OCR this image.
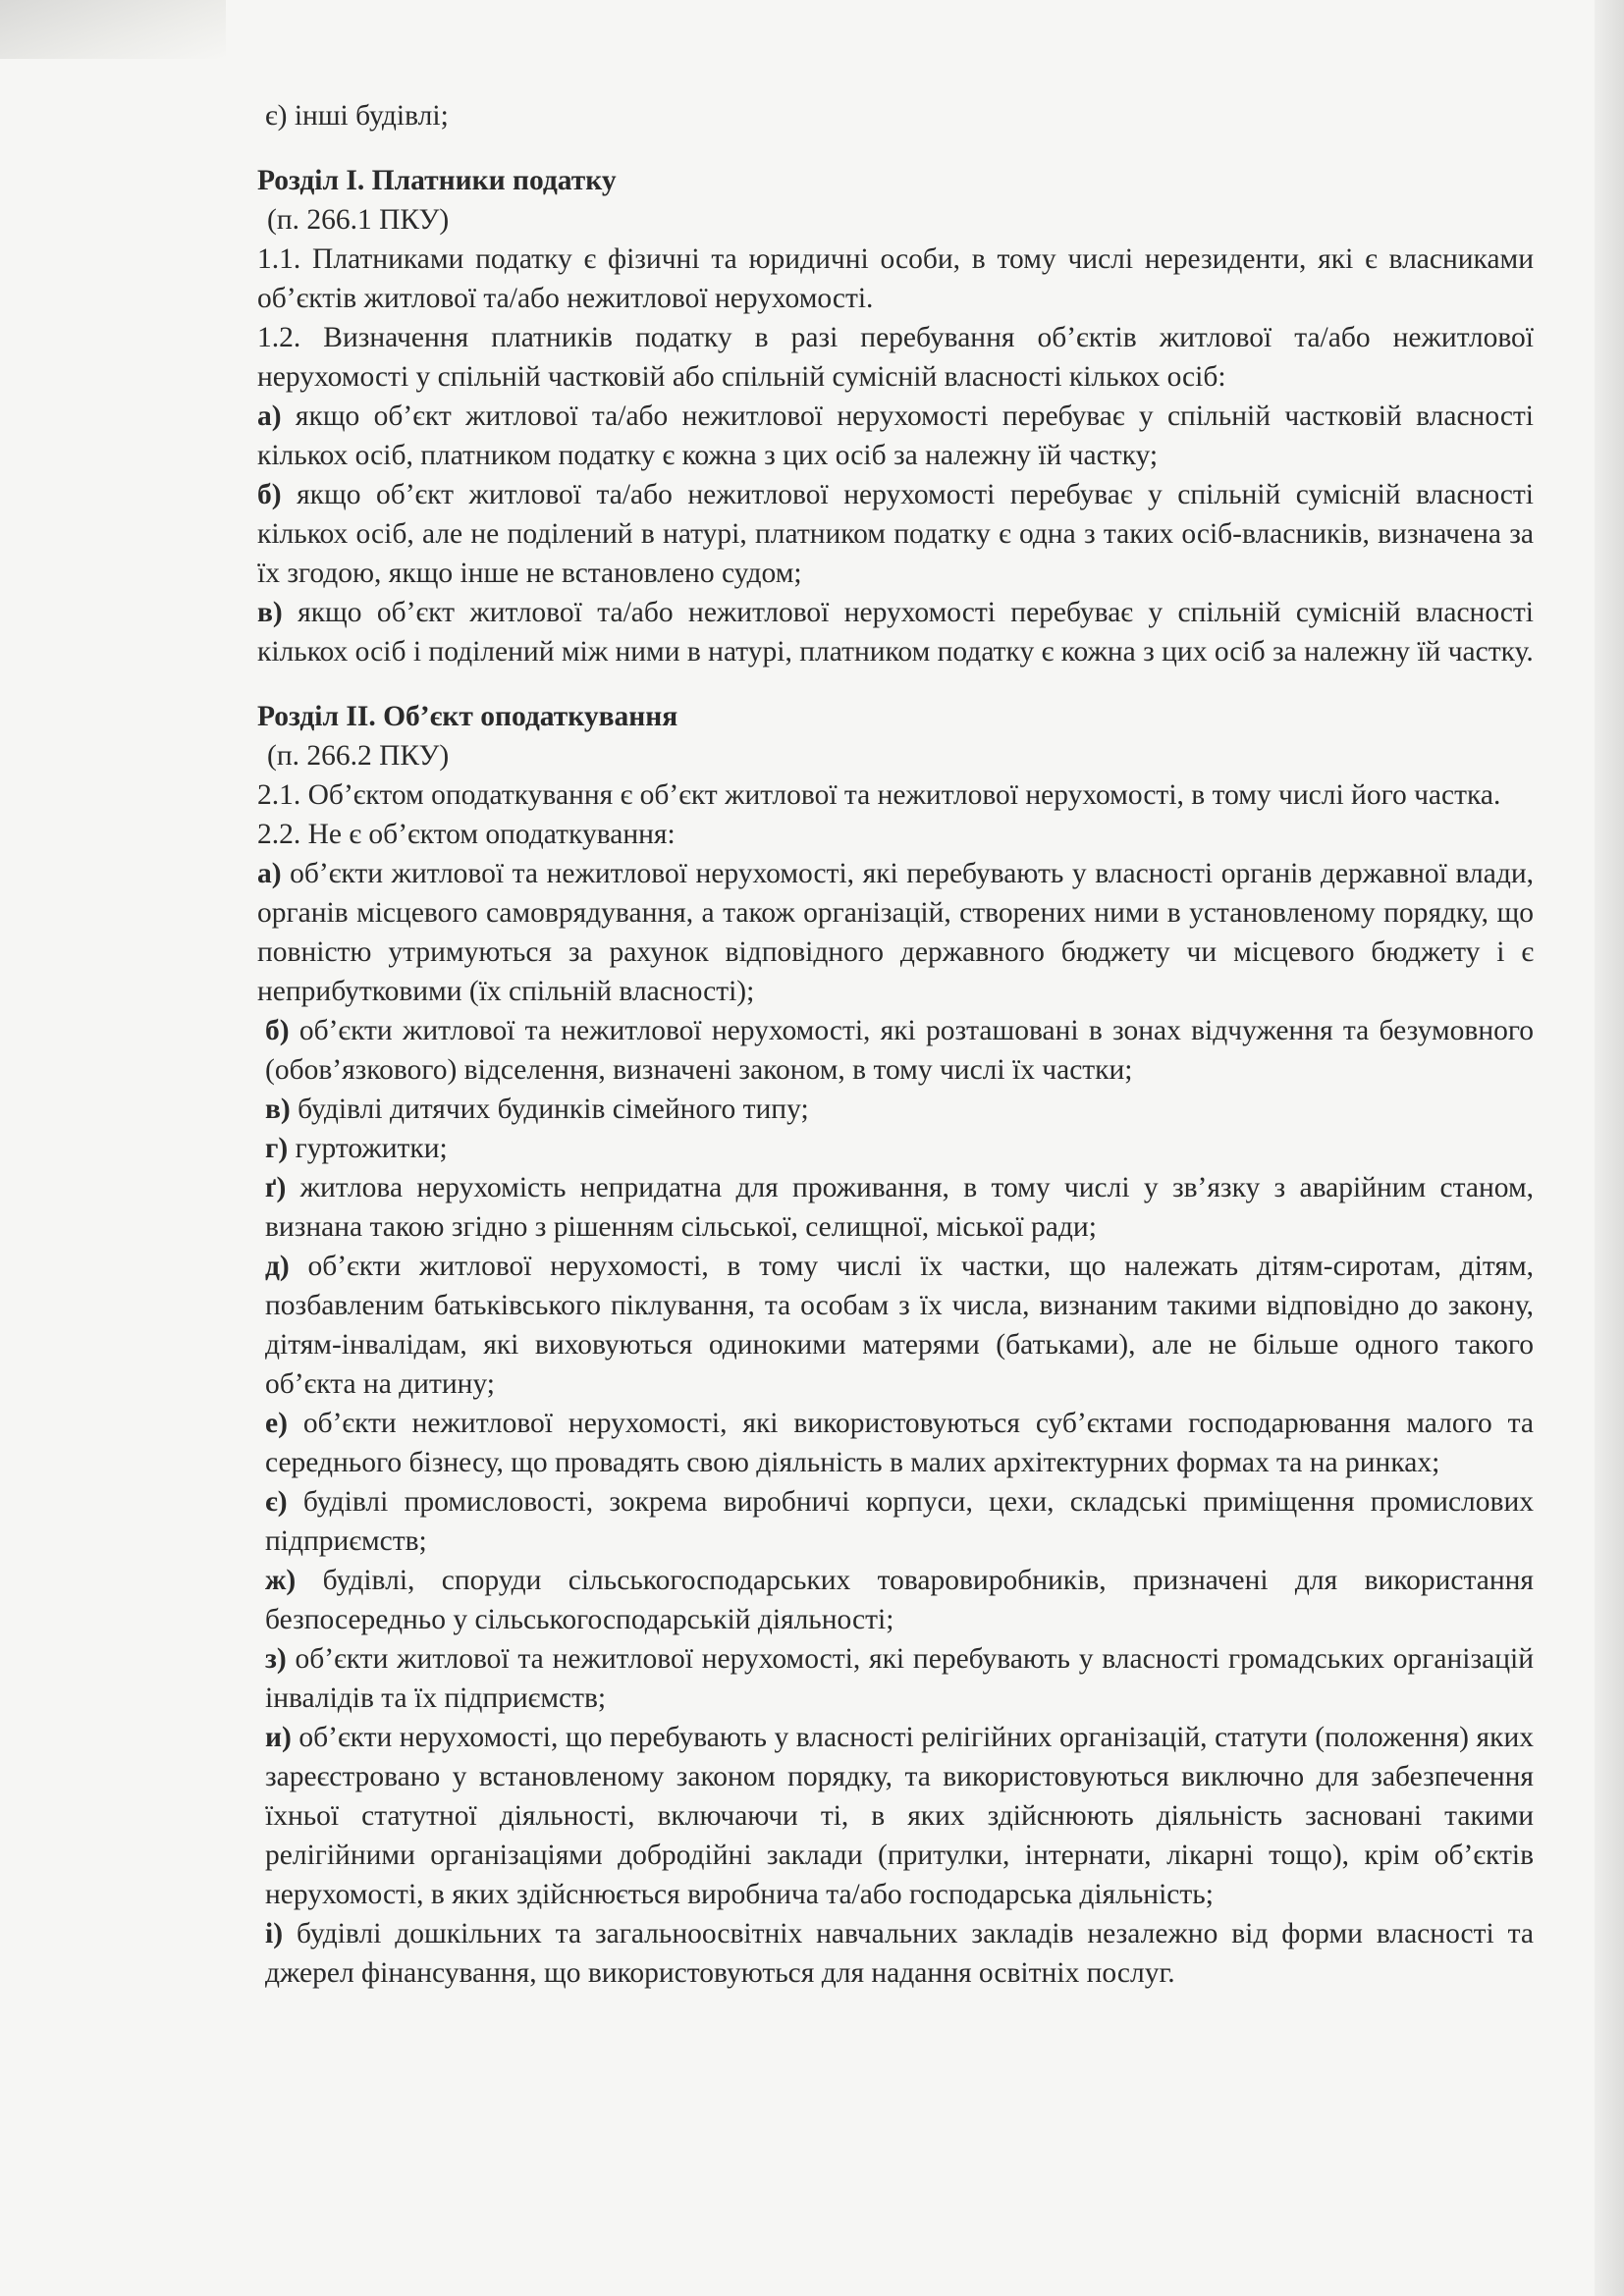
є) інші будівлі;

Розділ І. Платники податку

(п. 266.1 ПКУ)

1.1. Платниками податку є фізичні та юридичні особи, в тому числі нерезиденти, які є власниками об’єктів житлової та/або нежитлової нерухомості.

1.2. Визначення платників податку в разі перебування об’єктів житлової та/або нежитлової нерухомості у спільній частковій або спільній сумісній власності кількох осіб:

а) якщо об’єкт житлової та/або нежитлової нерухомості перебуває у спільній частковій власності кількох осіб, платником податку є кожна з цих осіб за належну їй частку;

б) якщо об’єкт житлової та/або нежитлової нерухомості перебуває у спільній сумісній власності кількох осіб, але не поділений в натурі, платником податку є одна з таких осіб-власників, визначена за їх згодою, якщо інше не встановлено судом;

в) якщо об’єкт житлової та/або нежитлової нерухомості перебуває у спільній сумісній власності кількох осіб і поділений між ними в натурі, платником податку є кожна з цих осіб за належну їй частку.

Розділ ІІ. Об’єкт оподаткування

(п. 266.2 ПКУ)

2.1. Об’єктом оподаткування є об’єкт житлової та нежитлової нерухомості, в тому числі його частка.

2.2. Не є об’єктом оподаткування:

а) об’єкти житлової та нежитлової нерухомості, які перебувають у власності органів державної влади, органів місцевого самоврядування, а також організацій, створених ними в установленому порядку, що повністю утримуються за рахунок відповідного державного бюджету чи місцевого бюджету і є неприбутковими (їх спільній власності);

б) об’єкти житлової та нежитлової нерухомості, які розташовані в зонах відчуження та безумовного (обов’язкового) відселення, визначені законом, в тому числі їх частки;

в) будівлі дитячих будинків сімейного типу;

г) гуртожитки;

ґ) житлова нерухомість непридатна для проживання, в тому числі у зв’язку з аварійним станом, визнана такою згідно з рішенням сільської, селищної, міської ради;

д) об’єкти житлової нерухомості, в тому числі їх частки, що належать дітям-сиротам, дітям, позбавленим батьківського піклування, та особам з їх числа, визнаним такими відповідно до закону, дітям-інвалідам, які виховуються одинокими матерями (батьками), але не більше одного такого об’єкта на дитину;

е) об’єкти нежитлової нерухомості, які використовуються суб’єктами господарювання малого та середнього бізнесу, що провадять свою діяльність в малих архітектурних формах та на ринках;

є) будівлі промисловості, зокрема виробничі корпуси, цехи, складські приміщення промислових підприємств;

ж) будівлі, споруди сільськогосподарських товаровиробників, призначені для використання безпосередньо у сільськогосподарській діяльності;

з) об’єкти житлової та нежитлової нерухомості, які перебувають у власності громадських організацій інвалідів та їх підприємств;

и) об’єкти нерухомості, що перебувають у власності релігійних організацій, статути (положення) яких зареєстровано у встановленому законом порядку, та використовуються виключно для забезпечення їхньої статутної діяльності, включаючи ті, в яких здійснюють діяльність засновані такими релігійними організаціями добродійні заклади (притулки, інтернати, лікарні тощо), крім об’єктів нерухомості, в яких здійснюється виробнича та/або господарська діяльність;

і) будівлі дошкільних та загальноосвітніх навчальних закладів незалежно від форми власності та джерел фінансування, що використовуються для надання освітніх послуг.
